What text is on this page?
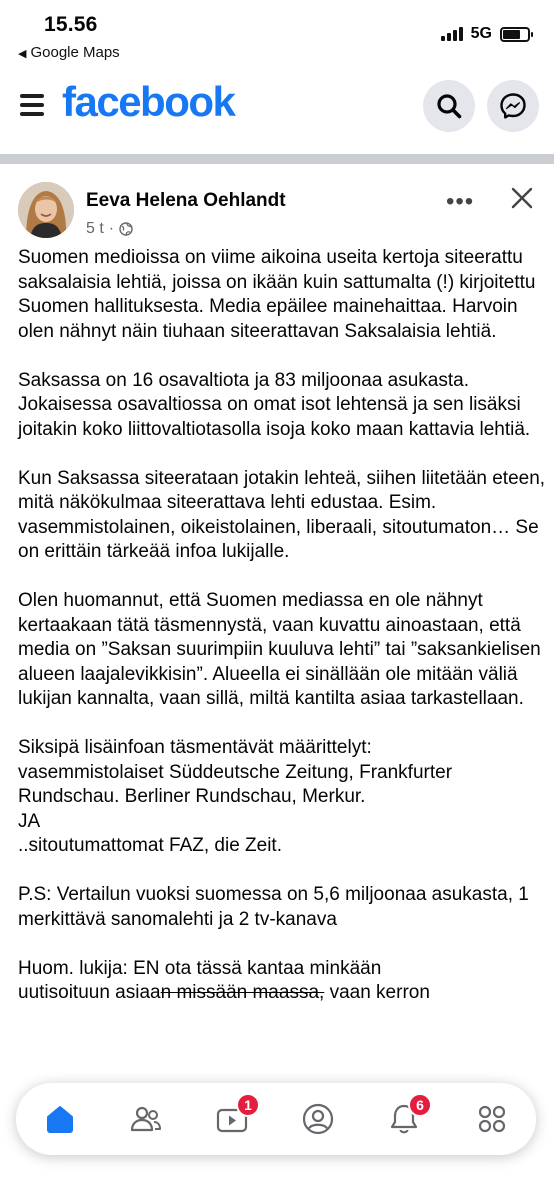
15.56
◀ Google Maps
5G
facebook
Eeva Helena Oehlandt
5 t ·
•••

Suomen medioissa on viime aikoina useita kertoja siteerattu saksalaisia lehtiä, joissa on ikään kuin sattumalta (!) kirjoitettu Suomen hallituksesta. Media epäilee mainehaittaa. Harvoin olen nähnyt näin tiuhaan siteerattavan Saksalaisia lehtiä.

Saksassa on 16 osavaltiota ja 83 miljoonaa asukasta. Jokaisessa osavaltiossa on omat isot lehtensä ja sen lisäksi joitakin koko liittovaltiotasolla isoja koko maan kattavia lehtiä.

Kun Saksassa siteerataan jotakin lehteä, siihen liitetään eteen, mitä näkökulmaa siteerattava lehti edustaa. Esim. vasemmistolainen, oikeistolainen, liberaali, sitoutumaton… Se on erittäin tärkeää infoa lukijalle.

Olen huomannut, että Suomen mediassa en ole nähnyt kertaakaan tätä täsmennystä, vaan kuvattu ainoastaan, että media on ”Saksan suurimpiin kuuluva lehti” tai ”saksankielisen alueen laajalevikkisin”. Alueella ei sinällään ole mitään väliä lukijan kannalta, vaan sillä, miltä kantilta asiaa tarkastellaan.

Siksipä lisäinfoan täsmentävät määrittelyt:
vasemmistolaiset Süddeutsche Zeitung, Frankfurter Rundschau. Berliner Rundschau, Merkur.
JA
..sitoutumattomat FAZ, die Zeit.

P.S: Vertailun vuoksi suomessa on 5,6 miljoonaa asukasta, 1 merkittävä sanomalehti ja 2 tv-kanava

Huom. lukija: EN ota tässä kantaa minkään
uutisoituun asiaan missään maassa, vaan kerron
1	6
